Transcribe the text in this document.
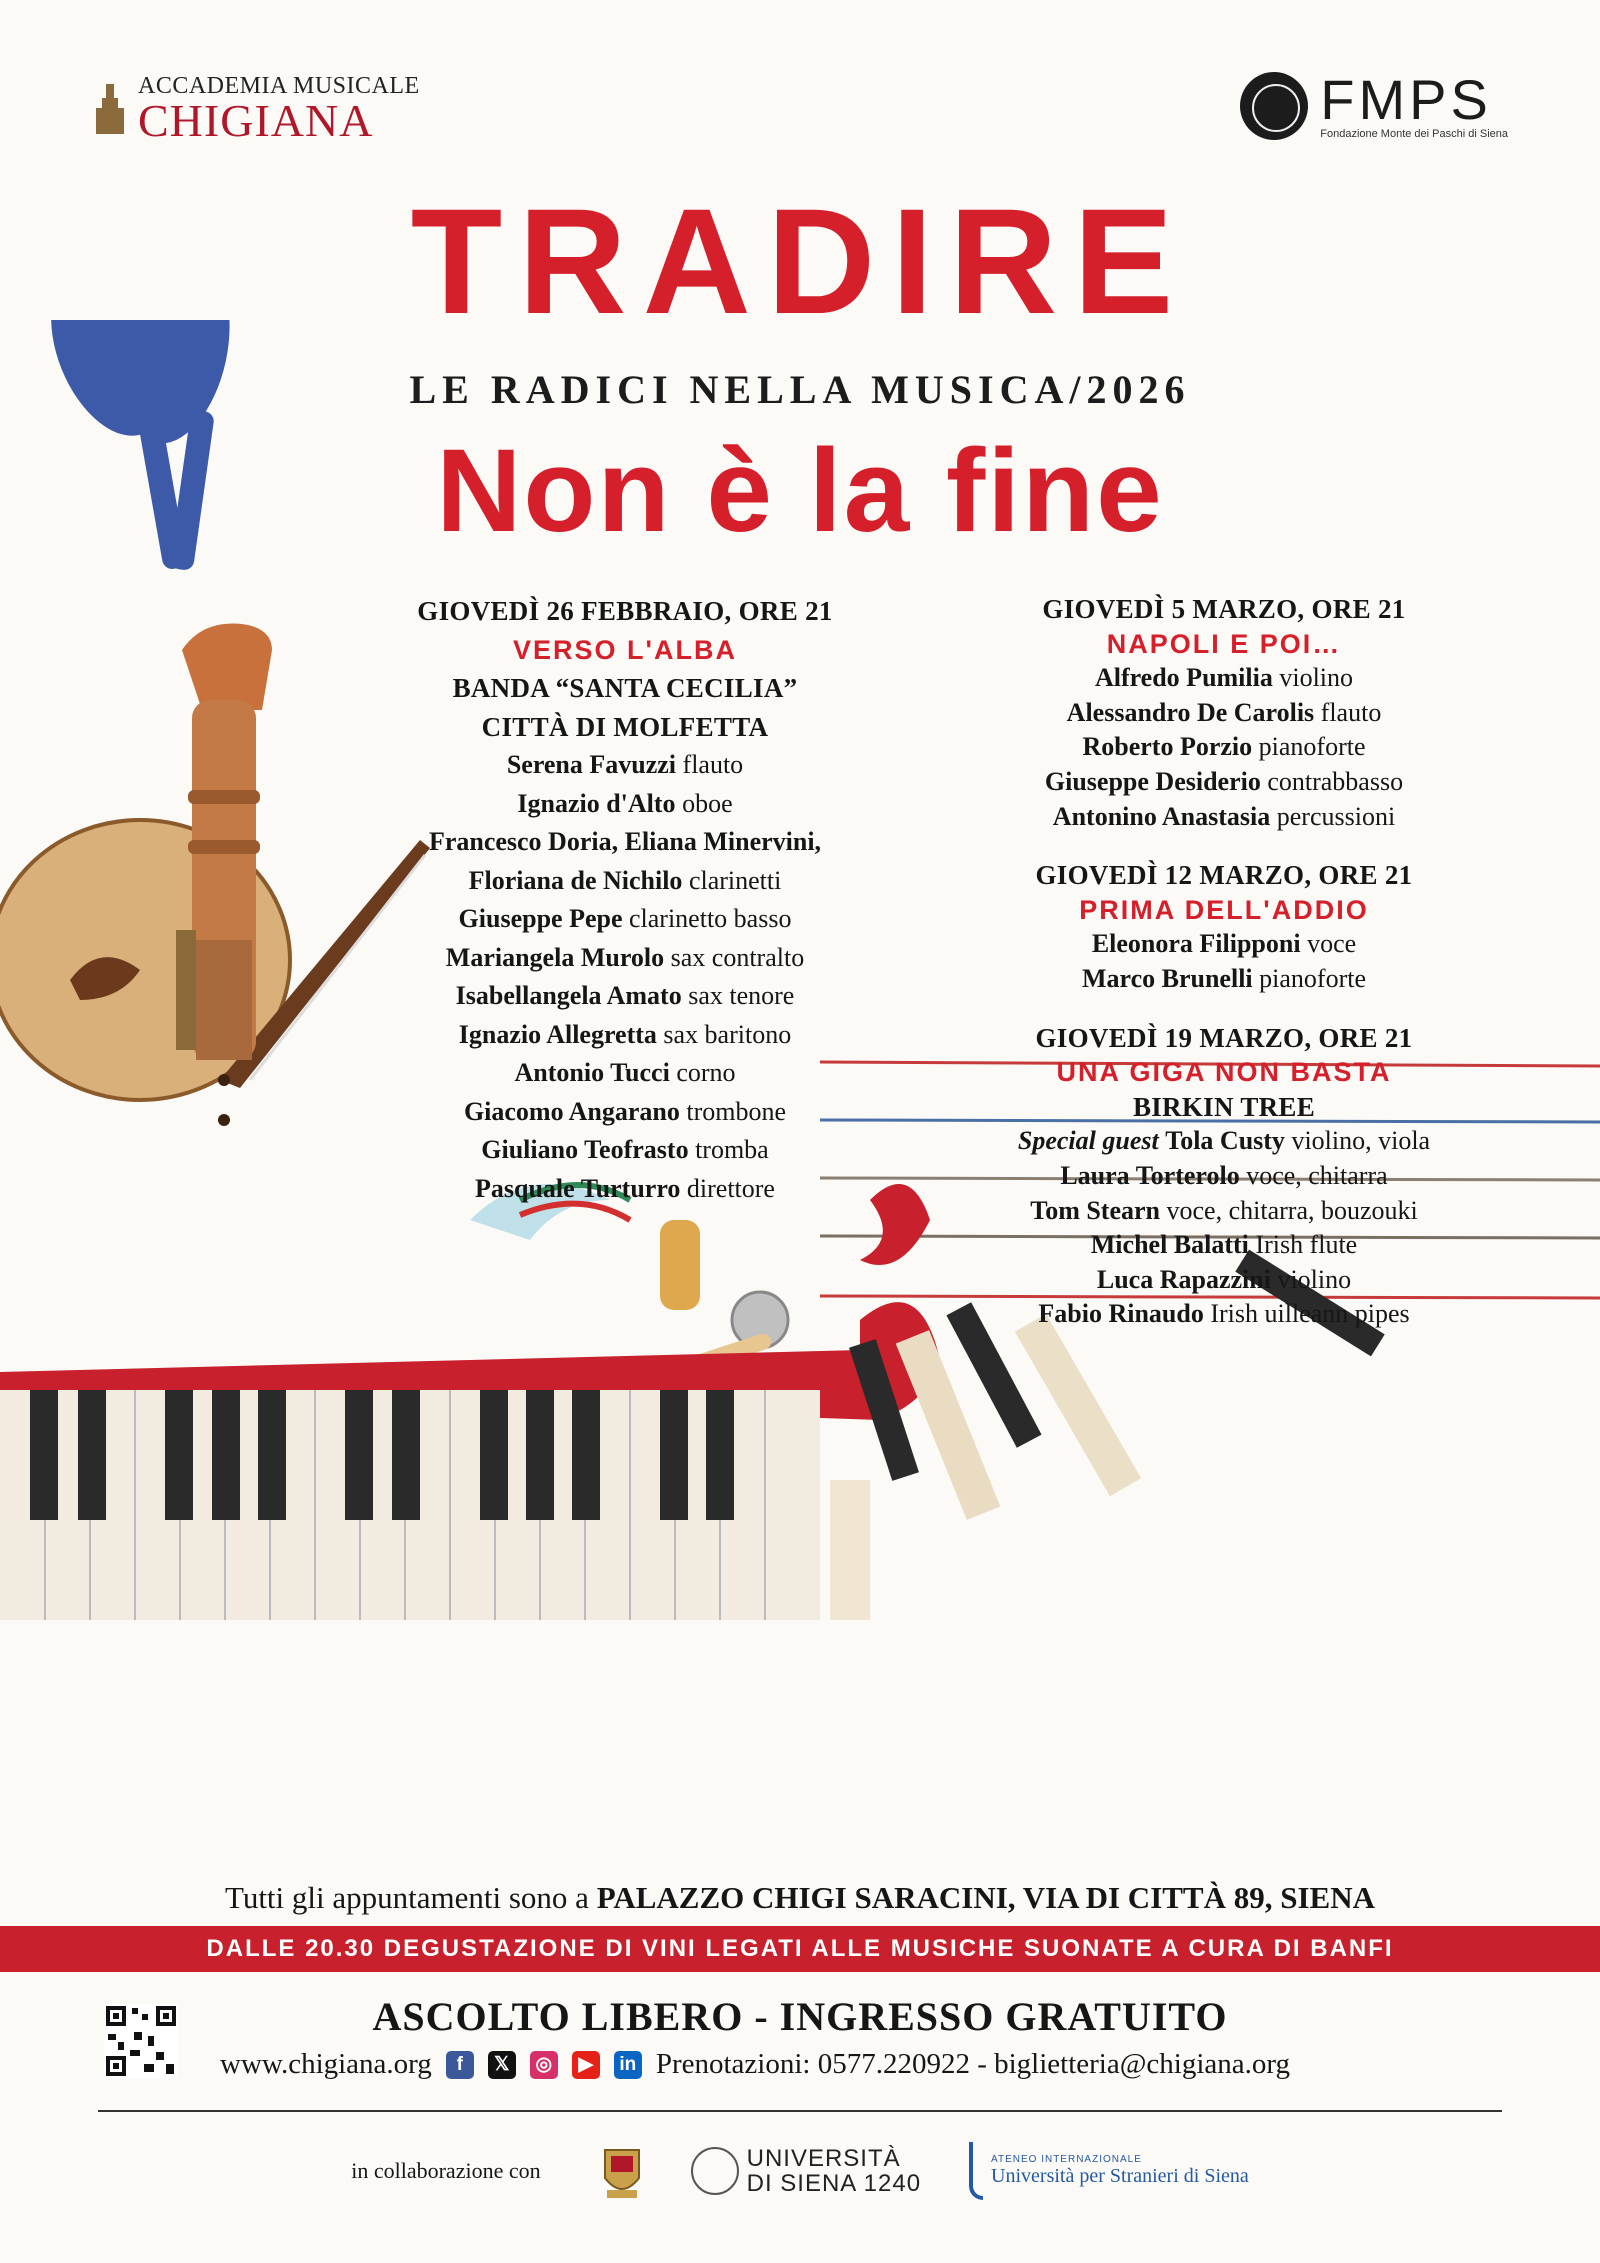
ACCADEMIA MUSICALE
CHIGIANA	FMPS
Fondazione Monte dei Paschi di Siena
TRADIRE
LE RADICI NELLA MUSICA/2026
Non è la fine
GIOVEDÌ 26 FEBBRAIO, ORE 21
VERSO L'ALBA
BANDA “SANTA CECILIA”
CITTÀ DI MOLFETTA
Serena Favuzzi flauto
Ignazio d'Alto oboe
Francesco Doria, Eliana Minervini,
Floriana de Nichilo clarinetti
Giuseppe Pepe clarinetto basso
Mariangela Murolo sax contralto
Isabellangela Amato sax tenore
Ignazio Allegretta sax baritono
Antonio Tucci corno
Giacomo Angarano trombone
Giuliano Teofrasto tromba
Pasquale Turturro direttore
GIOVEDÌ 5 MARZO, ORE 21
NAPOLI E POI…
Alfredo Pumilia violino
Alessandro De Carolis flauto
Roberto Porzio pianoforte
Giuseppe Desiderio contrabbasso
Antonino Anastasia percussioni
GIOVEDÌ 12 MARZO, ORE 21
PRIMA DELL'ADDIO
Eleonora Filipponi voce
Marco Brunelli pianoforte
GIOVEDÌ 19 MARZO, ORE 21
UNA GIGA NON BASTA
BIRKIN TREE
Special guest Tola Custy violino, viola
Laura Torterolo voce, chitarra
Tom Stearn voce, chitarra, bouzouki
Michel Balatti Irish flute
Luca Rapazzini violino
Fabio Rinaudo Irish uilleann pipes
Tutti gli appuntamenti sono a PALAZZO CHIGI SARACINI, VIA DI CITTÀ 89, SIENA
DALLE 20.30 DEGUSTAZIONE DI VINI LEGATI ALLE MUSICHE SUONATE A CURA DI BANFI
ASCOLTO LIBERO - INGRESSO GRATUITO
www.chigiana.org	f	𝕏	◎	▶	in Prenotazioni: 0577.220922 - biglietteria@chigiana.org
in collaborazione con	UNIVERSITÀ
DI SIENA 1240
ATENEO INTERNAZIONALE
Università per Stranieri di Siena
